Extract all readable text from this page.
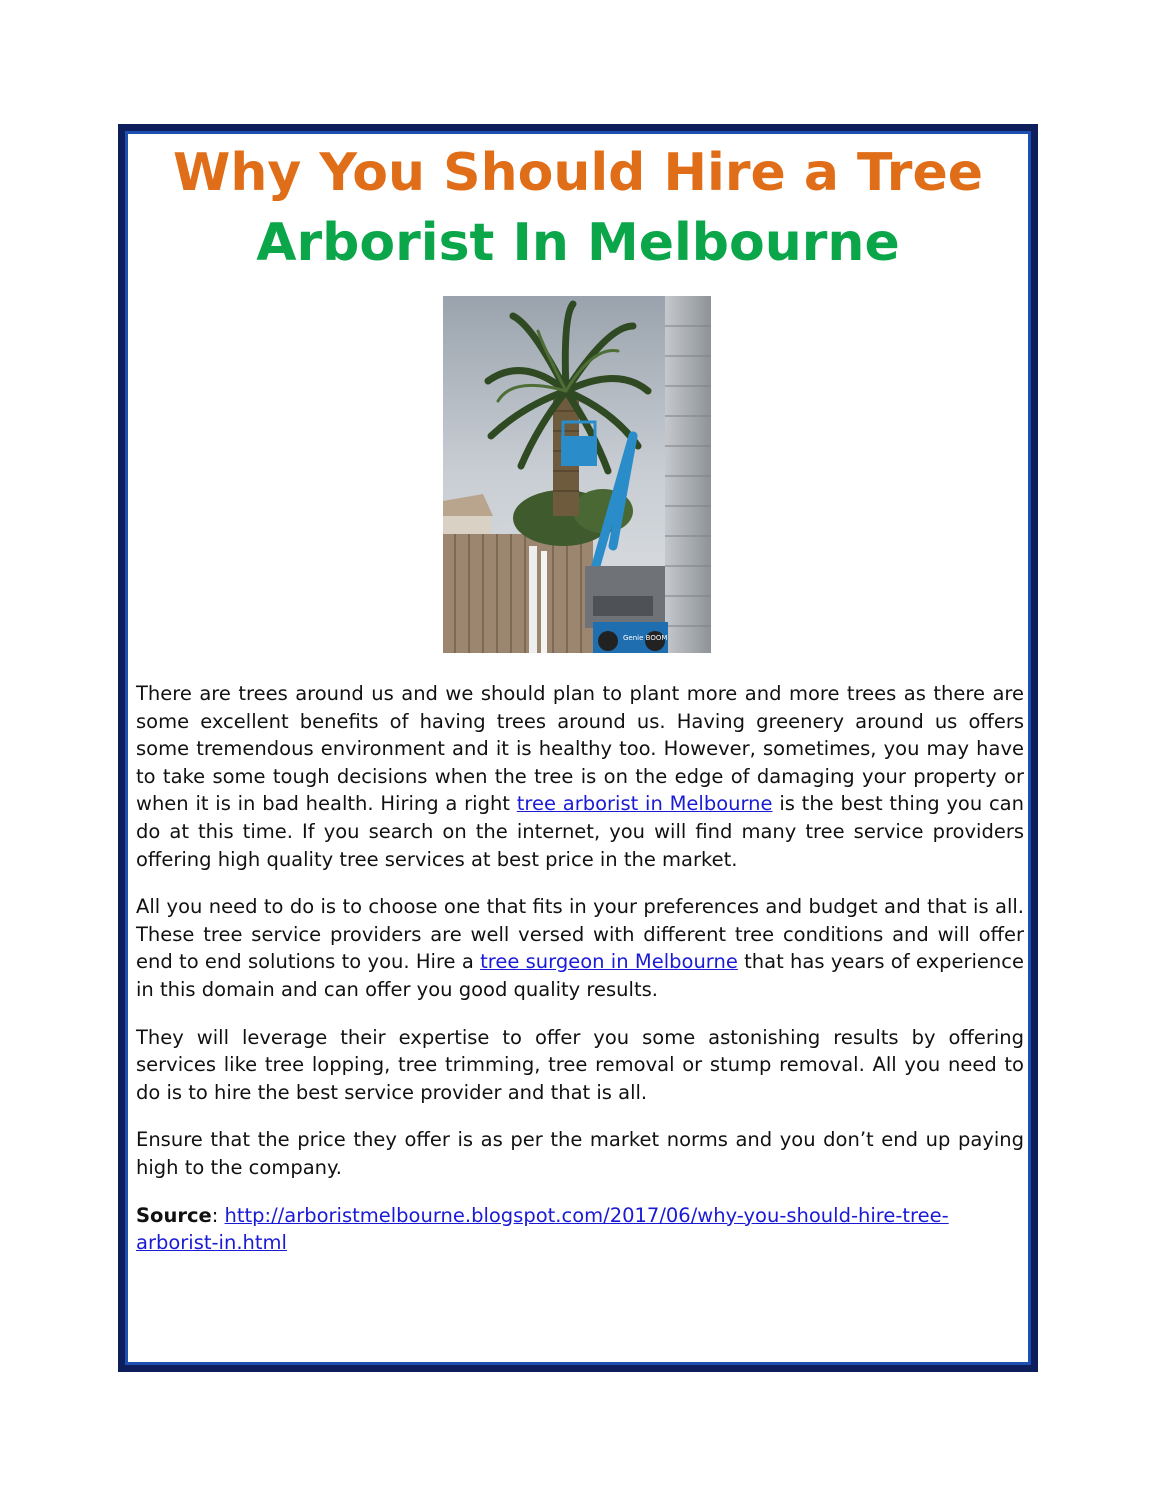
Why You Should Hire a Tree
Arborist In Melbourne
Genie BOOM

There are trees around us and we should plan to plant more and more trees as there are some excellent benefits of having trees around us. Having greenery around us offers some tremendous environment and it is healthy too. However, sometimes, you may have to take some tough decisions when the tree is on the edge of damaging your property or when it is in bad health. Hiring a right tree arborist in Melbourne is the best thing you can do at this time. If you search on the internet, you will find many tree service providers offering high quality tree services at best price in the market.

All you need to do is to choose one that fits in your preferences and budget and that is all. These tree service providers are well versed with different tree conditions and will offer end to end solutions to you. Hire a tree surgeon in Melbourne that has years of experience in this domain and can offer you good quality results.

They will leverage their expertise to offer you some astonishing results by offering services like tree lopping, tree trimming, tree removal or stump removal. All you need to do is to hire the best service provider and that is all.

Ensure that the price they offer is as per the market norms and you don’t end up paying high to the company.

Source: http://arboristmelbourne.blogspot.com/2017/06/why-you-should-hire-tree-arborist-in.html
